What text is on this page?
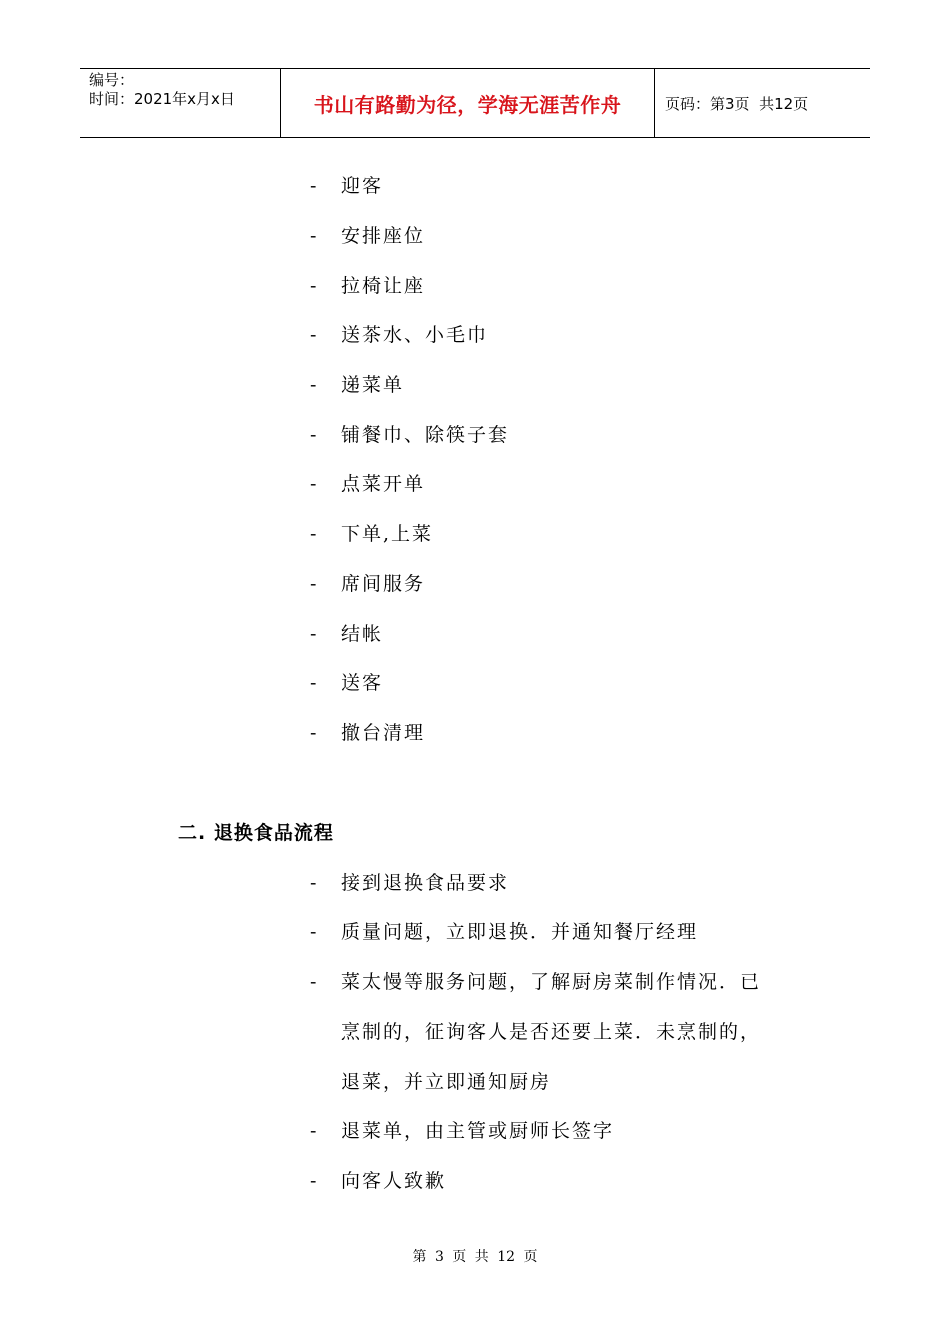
编号：
时间：2021年x月x日	书山有路勤为径，学海无涯苦作舟	页码：第3页  共12页
- 迎客
- 安排座位
- 拉椅让座
- 送茶水、小毛巾
- 递菜单
- 铺餐巾、除筷子套
- 点菜开单
- 下单,上菜
- 席间服务
- 结帐
- 送客
- 撤台清理
二. 退换食品流程
- 接到退换食品要求
- 质量问题，立即退换．并通知餐厅经理
- 菜太慢等服务问题，了解厨房菜制作情况．已
烹制的，征询客人是否还要上菜．未烹制的，
退菜，并立即通知厨房
- 退菜单，由主管或厨师长签字
- 向客人致歉
第 3 页 共 12 页
